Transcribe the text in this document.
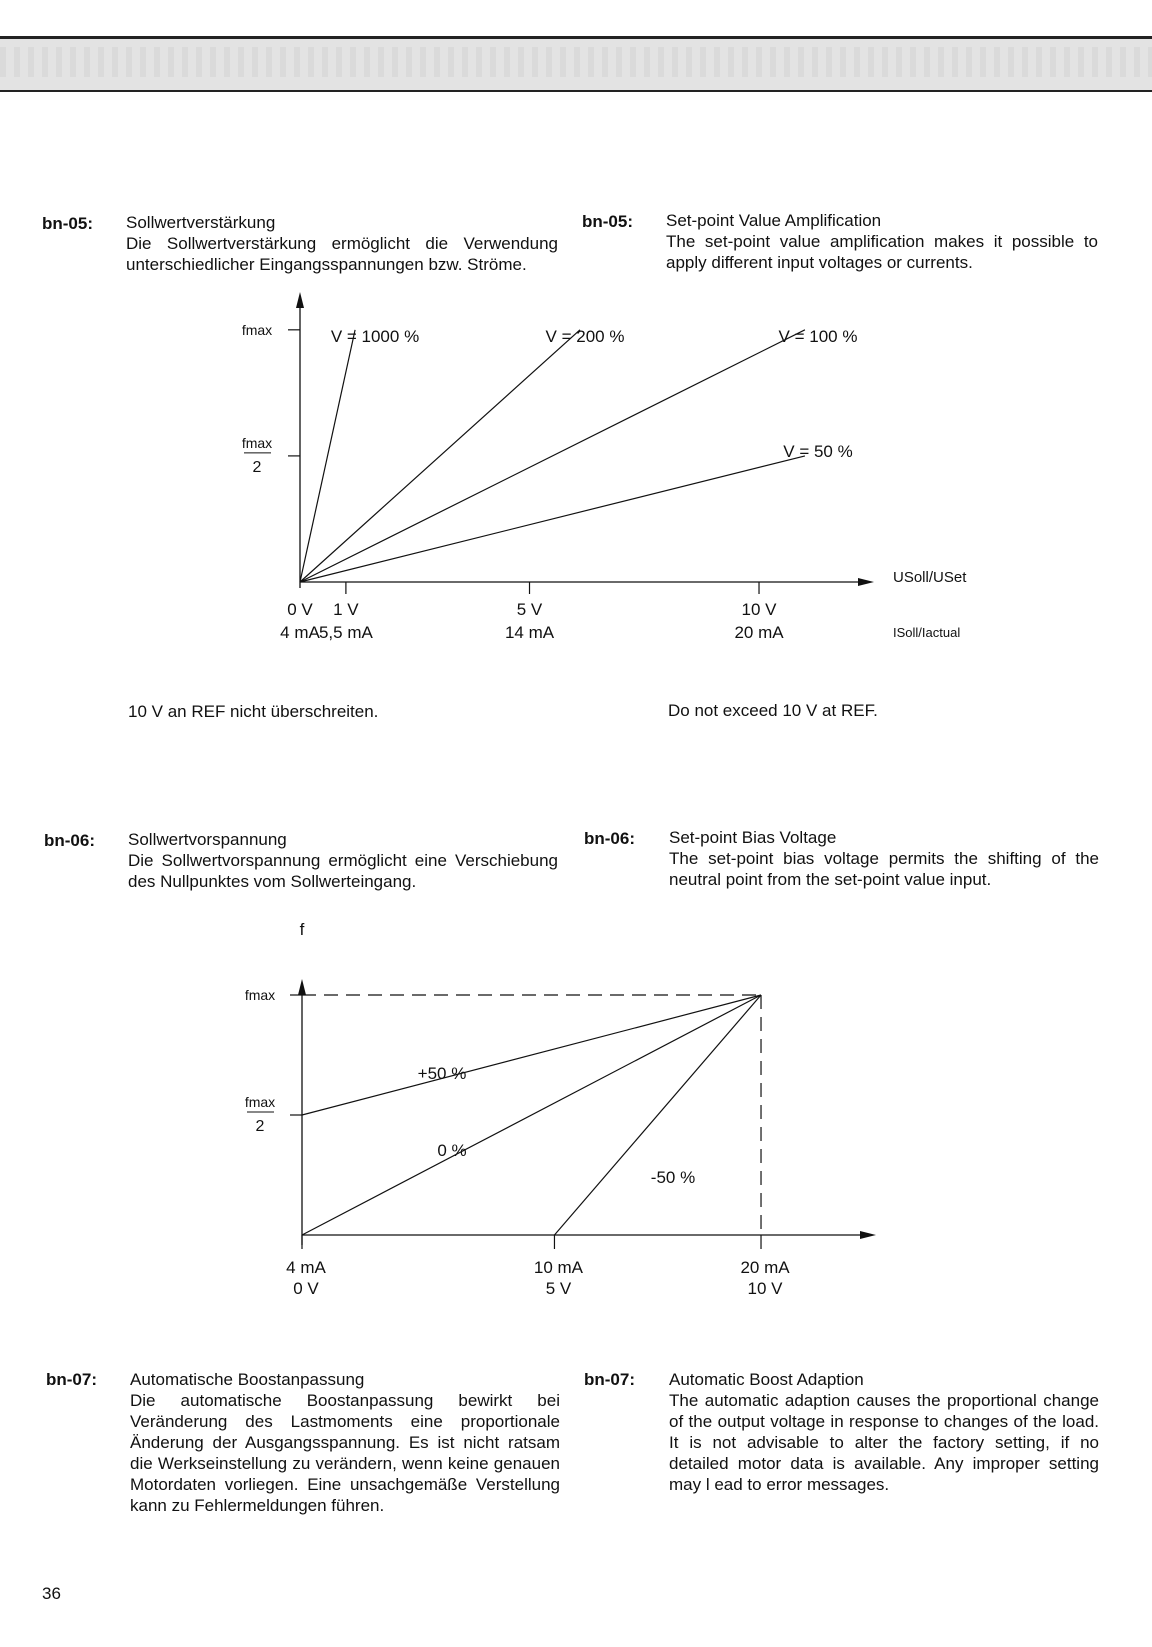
bn-05: Sollwertverstärkung
Die Sollwertverstärkung ermöglicht die Verwendung unterschiedlicher Eingangsspannungen bzw. Ströme.
bn-05: Set-point Value Amplification
The set-point value amplification makes it possible to apply different input voltages or currents.
fmax
fmax
2
0 V
4 mA
1 V
5,5 mA
5 V
14 mA
10 V
20 mA
V = 1000 %	V = 200 %	V = 100 %
V = 50 %
USoll/USet
ISoll/Iactual
10 V an REF nicht überschreiten.	Do not exceed 10 V at REF.
bn-06: Sollwertvorspannung
Die Sollwertvorspannung ermöglicht eine Verschiebung des Nullpunktes vom Sollwerteingang.
bn-06: Set-point Bias Voltage
The set-point bias voltage permits the shifting of the neutral point from the set-point value input.
f
fmax
fmax
2
4 mA
0 V
10 mA
5 V
20 mA
10 V
+50 %
0 %
-50 %
bn-07: Automatische Boostanpassung
Die automatische Boostanpassung bewirkt bei Veränderung des Lastmoments eine proportionale Änderung der Ausgangsspannung. Es ist nicht ratsam die Werkseinstellung zu verändern, wenn keine genauen Motordaten vorliegen. Eine unsachgemäße Verstellung kann zu Fehlermeldungen führen.
bn-07: Automatic Boost Adaption
The automatic adaption causes the proportional change of the output voltage in response to changes of the load. It is not advisable to alter the factory setting, if no detailed motor data is available. Any improper setting may l ead to error messages.
36
